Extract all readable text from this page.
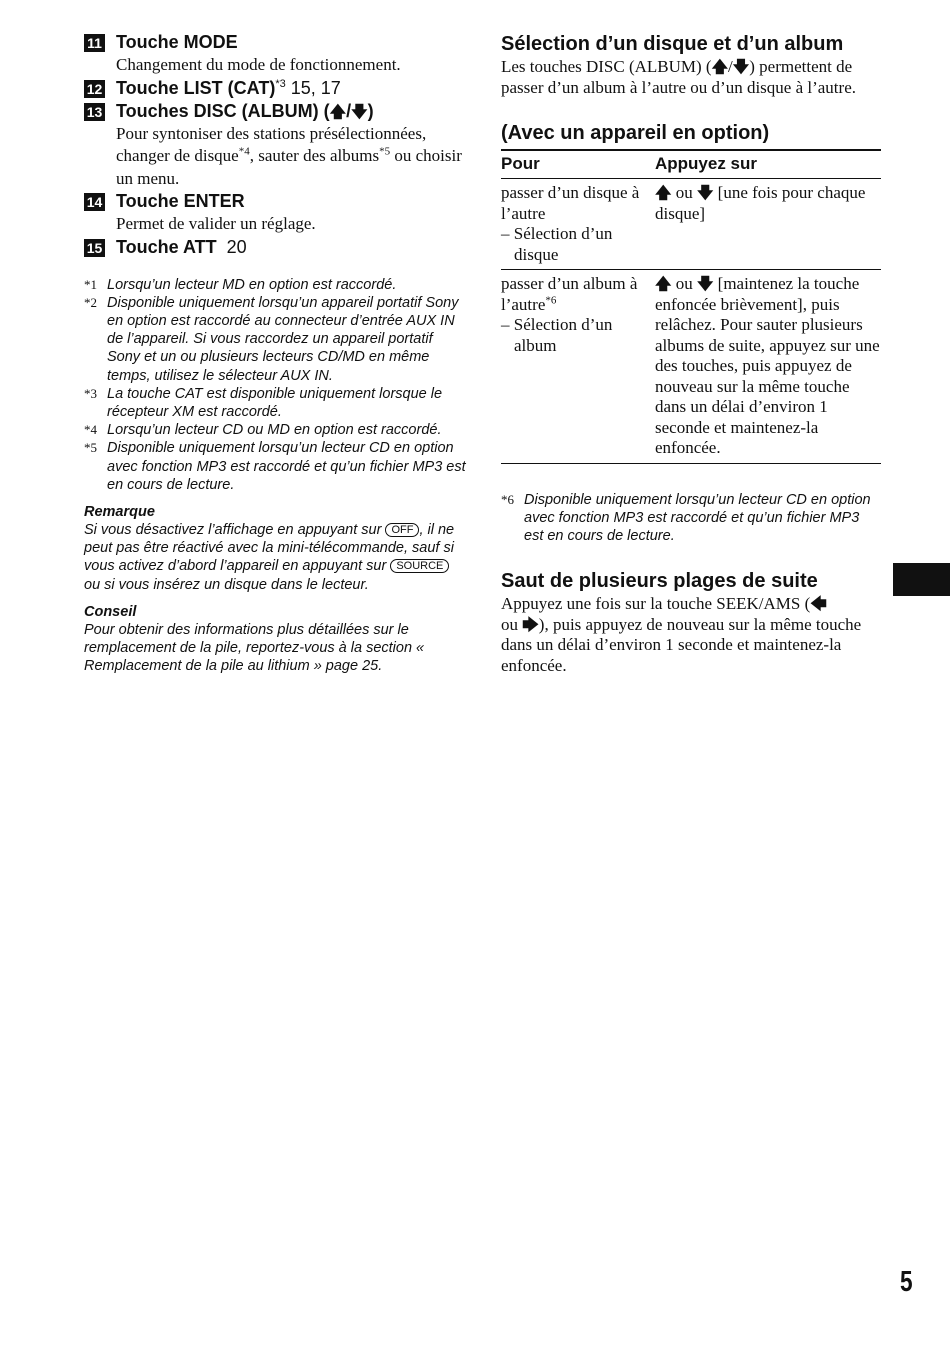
11 Touche MODE
Changement du mode de fonctionnement.
12 Touche LIST (CAT)$^{*3}$ 15, 17
13 Touches DISC (ALBUM) (🡅/🡇)
Pour syntoniser des stations présélectionnées, changer de disque$^{*4}$, sauter des albums$^{*5}$ ou choisir un menu.
14 Touche ENTER
Permet de valider un réglage.
15 Touche ATT  20
*1 Lorsqu’un lecteur MD en option est raccordé.
*2 Disponible uniquement lorsqu’un appareil portatif Sony en option est raccordé au connecteur d’entrée AUX IN de l’appareil. Si vous raccordez un appareil portatif Sony et un ou plusieurs lecteurs CD/MD en même temps, utilisez le sélecteur AUX IN.
*3 La touche CAT est disponible uniquement lorsque le récepteur XM est raccordé.
*4 Lorsqu’un lecteur CD ou MD en option est raccordé.
*5 Disponible uniquement lorsqu’un lecteur CD en option avec fonction MP3 est raccordé et qu’un fichier MP3 est en cours de lecture.
Remarque
Si vous désactivez l’affichage en appuyant sur OFF , il ne peut pas être réactivé avec la mini-télécommande, sauf si vous activez d’abord l’appareil en appuyant sur SOURCE ou si vous insérez un disque dans le lecteur.
Conseil
Pour obtenir des informations plus détaillées sur le remplacement de la pile, reportez-vous à la section « Remplacement de la pile au lithium » page 25.
Sélection d’un disque et d’un album
Les touches DISC (ALBUM) (🡅/🡇) permettent de passer d’un album à l’autre ou d’un disque à l’autre.
(Avec un appareil en option)
Pour	Appuyez sur

passer d’un disque à l’autre
– Sélection d’un disque	🡅 ou 🡇 [une fois pour chaque disque]

passer d’un album à l’autre$^{*6}$
– Sélection d’un album	🡅 ou 🡇 [maintenez la touche enfoncée brièvement], puis relâchez. Pour sauter plusieurs albums de suite, appuyez sur une des touches, puis appuyez de nouveau sur la même touche dans un délai d’environ 1 seconde et maintenez-la enfoncée.
*6 Disponible uniquement lorsqu’un lecteur CD en option avec fonction MP3 est raccordé et qu’un fichier MP3 est en cours de lecture.
Saut de plusieurs plages de suite
Appuyez une fois sur la touche SEEK/AMS (🡄
ou 🡆), puis appuyez de nouveau sur la même touche dans un délai d’environ 1 seconde et maintenez-la enfoncée.
5
